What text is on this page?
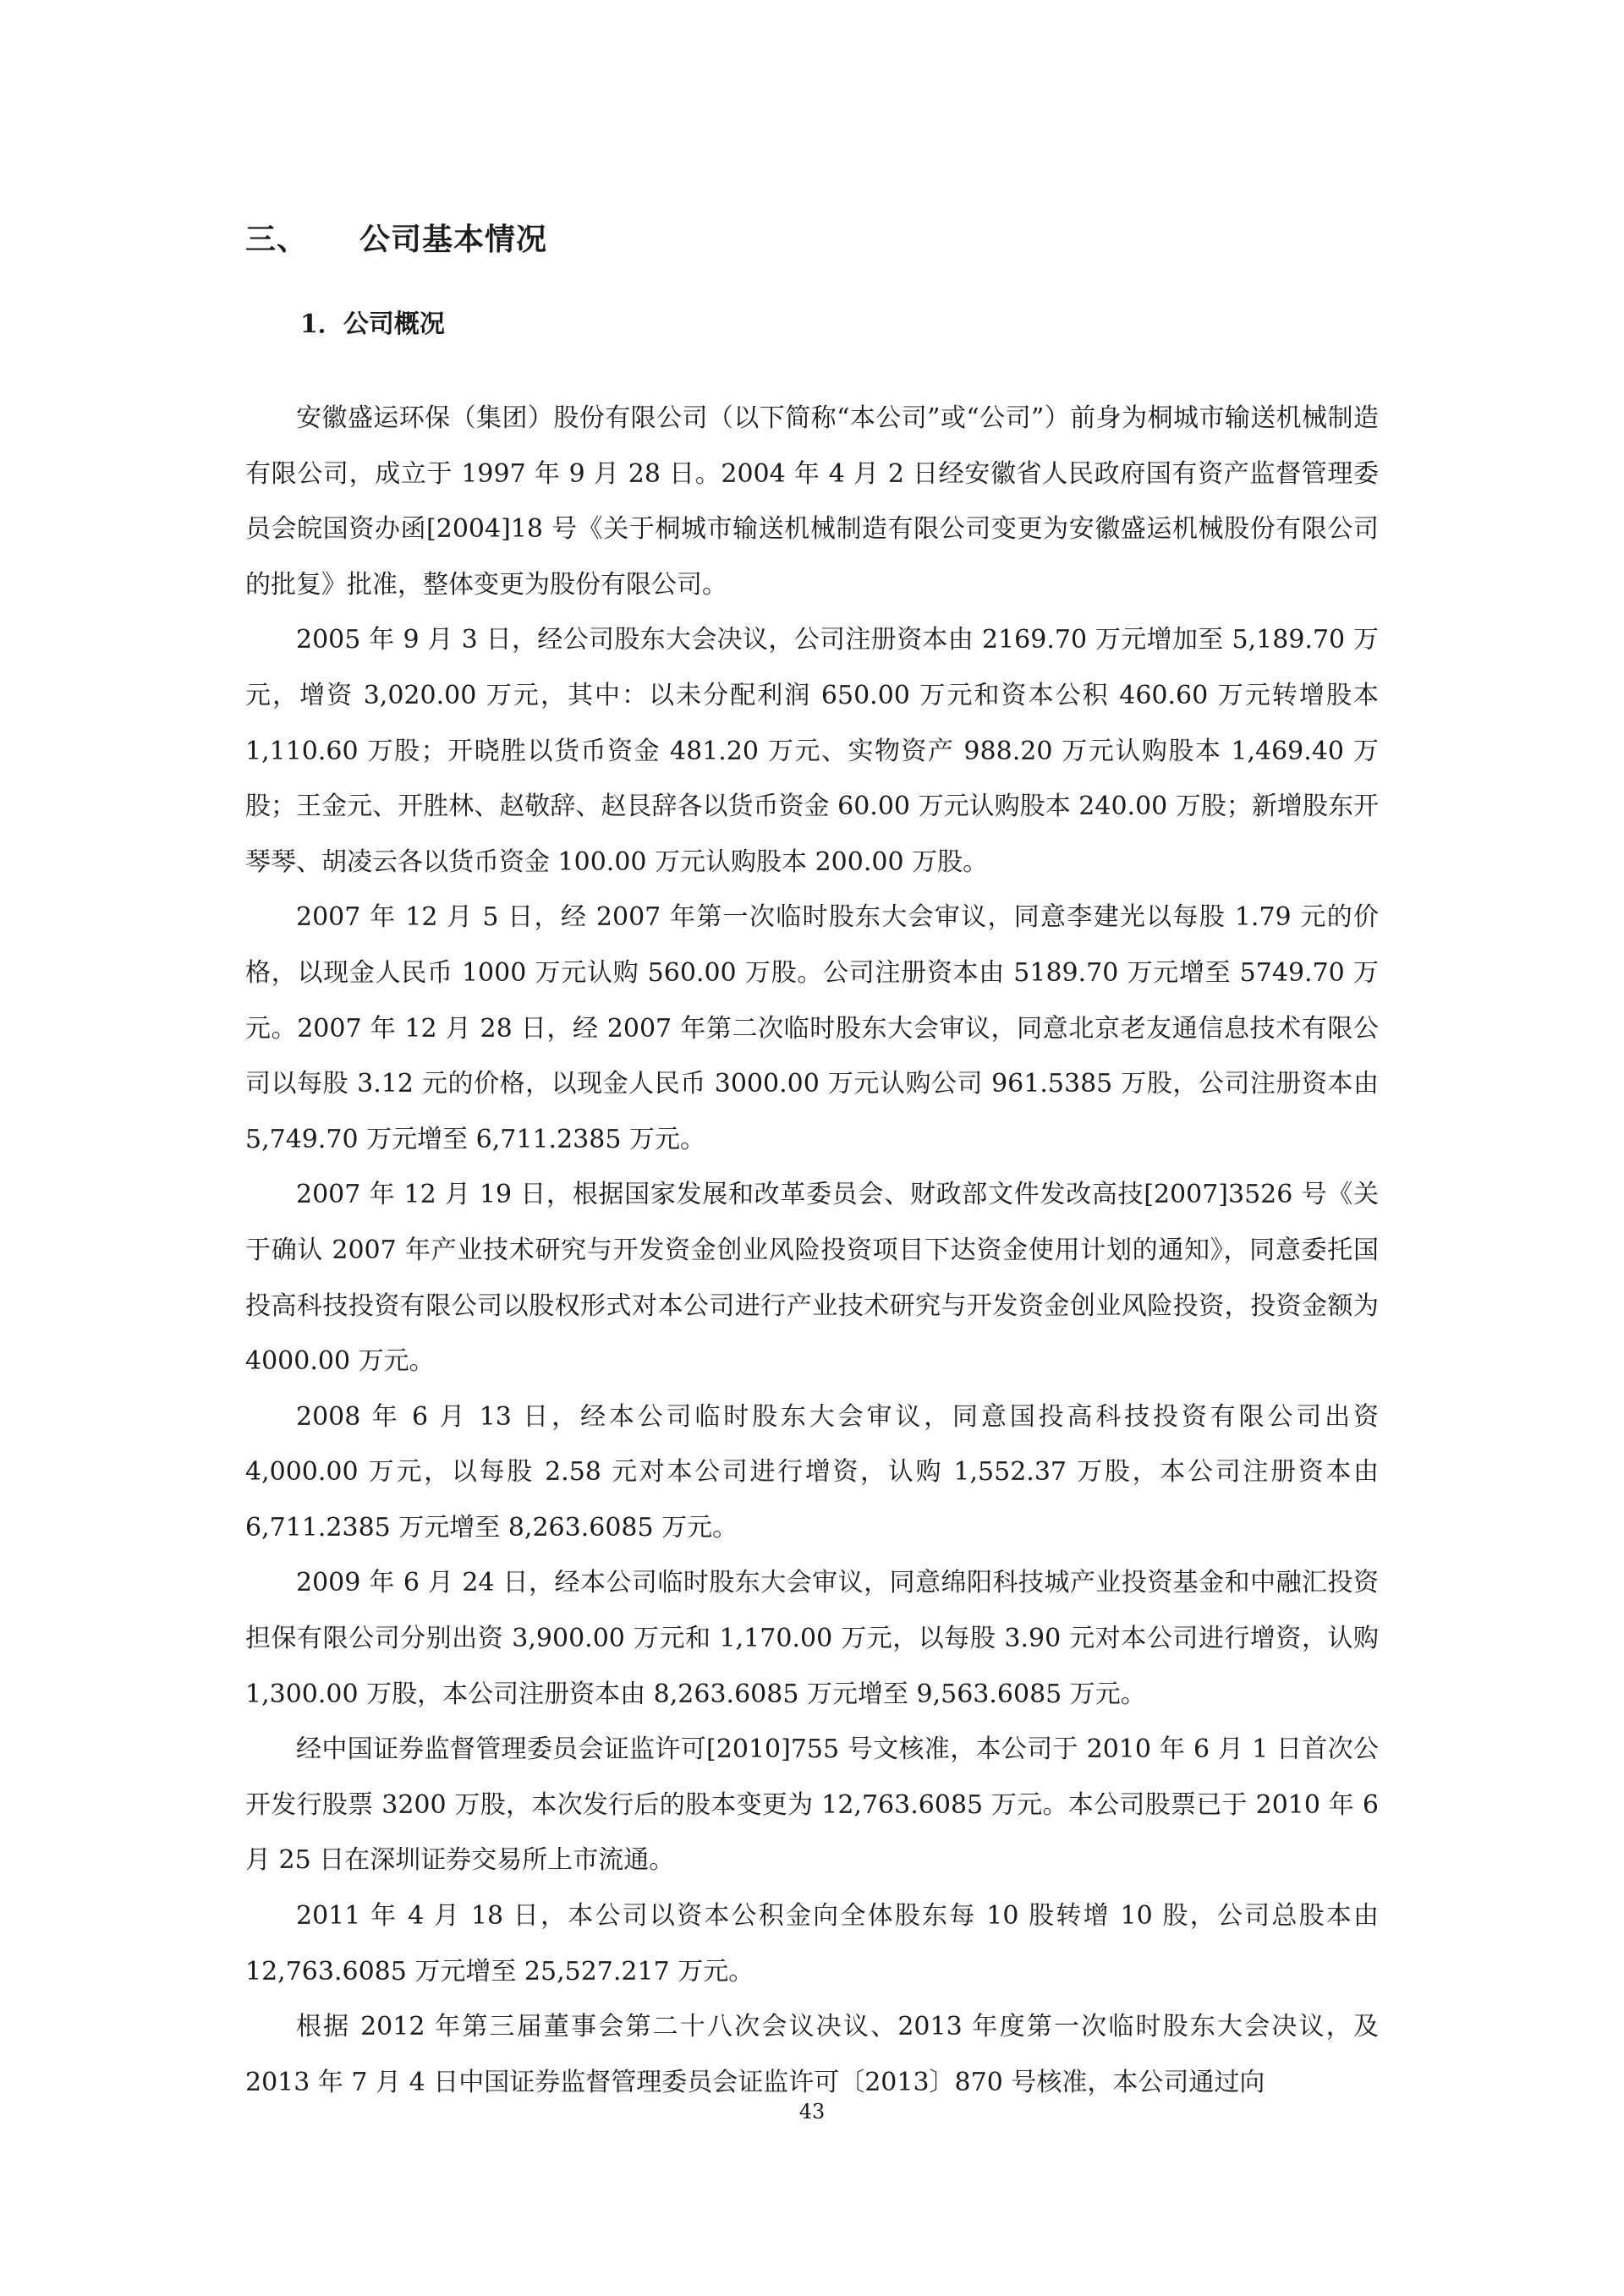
三、 公司基本情况
1．公司概况

安徽盛运环保（集团）股份有限公司（以下简称“本公司”或“公司”）前身为桐城市输送机械制造有限公司，成立于 1997 年 9 月 28 日。2004 年 4 月 2 日经安徽省人民政府国有资产监督管理委员会皖国资办函[2004]18 号《关于桐城市输送机械制造有限公司变更为安徽盛运机械股份有限公司的批复》批准，整体变更为股份有限公司。

2005 年 9 月 3 日，经公司股东大会决议，公司注册资本由 2169.70 万元增加至 5,189.70 万元，增资 3,020.00 万元，其中：以未分配利润 650.00 万元和资本公积 460.60 万元转增股本 1,110.60 万股；开晓胜以货币资金 481.20 万元、实物资产 988.20 万元认购股本 1,469.40 万股；王金元、开胜林、赵敬辞、赵艮辞各以货币资金 60.00 万元认购股本 240.00 万股；新增股东开琴琴、胡凌云各以货币资金 100.00 万元认购股本 200.00 万股。

2007 年 12 月 5 日，经 2007 年第一次临时股东大会审议，同意李建光以每股 1.79 元的价格，以现金人民币 1000 万元认购 560.00 万股。公司注册资本由 5189.70 万元增至 5749.70 万元。2007 年 12 月 28 日，经 2007 年第二次临时股东大会审议，同意北京老友通信息技术有限公司以每股 3.12 元的价格，以现金人民币 3000.00 万元认购公司 961.5385 万股，公司注册资本由 5,749.70 万元增至 6,711.2385 万元。

2007 年 12 月 19 日，根据国家发展和改革委员会、财政部文件发改高技[2007]3526 号《关于确认 2007 年产业技术研究与开发资金创业风险投资项目下达资金使用计划的通知》，同意委托国投高科技投资有限公司以股权形式对本公司进行产业技术研究与开发资金创业风险投资，投资金额为 4000.00 万元。

2008 年 6 月 13 日，经本公司临时股东大会审议，同意国投高科技投资有限公司出资 4,000.00 万元，以每股 2.58 元对本公司进行增资，认购 1,552.37 万股，本公司注册资本由 6,711.2385 万元增至 8,263.6085 万元。

2009 年 6 月 24 日，经本公司临时股东大会审议，同意绵阳科技城产业投资基金和中融汇投资担保有限公司分别出资 3,900.00 万元和 1,170.00 万元，以每股 3.90 元对本公司进行增资，认购 1,300.00 万股，本公司注册资本由 8,263.6085 万元增至 9,563.6085 万元。

经中国证券监督管理委员会证监许可[2010]755 号文核准，本公司于 2010 年 6 月 1 日首次公开发行股票 3200 万股，本次发行后的股本变更为 12,763.6085 万元。本公司股票已于 2010 年 6 月 25 日在深圳证券交易所上市流通。

2011 年 4 月 18 日，本公司以资本公积金向全体股东每 10 股转增 10 股，公司总股本由 12,763.6085 万元增至 25,527.217 万元。

根据 2012 年第三届董事会第二十八次会议决议、2013 年度第一次临时股东大会决议，及 2013 年 7 月 4 日中国证券监督管理委员会证监许可〔2013〕870 号核准，本公司通过向

43
